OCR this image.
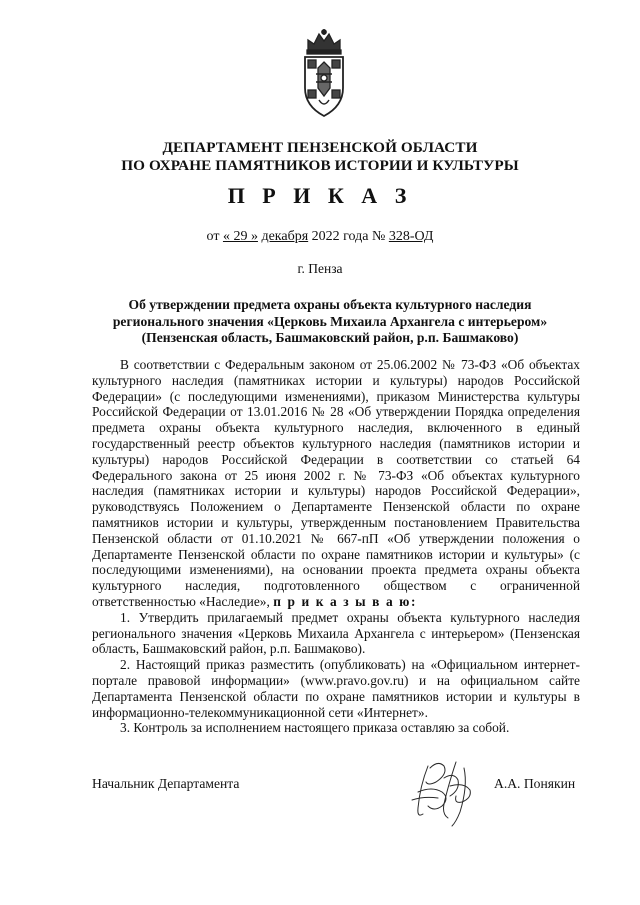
ДЕПАРТАМЕНТ ПЕНЗЕНСКОЙ ОБЛАСТИ
ПО ОХРАНЕ ПАМЯТНИКОВ ИСТОРИИ И КУЛЬТУРЫ
П Р И К А З
от « 29 » декабря 2022 года № 328-ОД
г. Пенза
Об утверждении предмета охраны объекта культурного наследия
регионального значения «Церковь Михаила Архангела с интерьером»
(Пензенская область, Башмаковский район, р.п. Башмаково)

В соответствии с Федеральным законом от 25.06.2002 № 73-ФЗ «Об объектах культурного наследия (памятниках истории и культуры) народов Российской Федерации» (с последующими изменениями), приказом Министерства культуры Российской Федерации от 13.01.2016 № 28 «Об утверждении Порядка определения предмета охраны объекта культурного наследия, включенного в единый государственный реестр объектов культурного наследия (памятников истории и культуры) народов Российской Федерации в соответствии со статьей 64 Федерального закона от 25 июня 2002 г. № 73-ФЗ «Об объектах культурного наследия (памятниках истории и культуры) народов Российской Федерации», руководствуясь Положением о Департаменте Пензенской области по охране памятников истории и культуры, утвержденным постановлением Правительства Пензенской области от 01.10.2021 № 667-пП «Об утверждении положения о Департаменте Пензенской области по охране памятников истории и культуры» (с последующими изменениями), на основании проекта предмета охраны объекта культурного наследия, подготовленного обществом с ограниченной ответственностью «Наследие», п р и к а з ы в а ю:

1. Утвердить прилагаемый предмет охраны объекта культурного наследия регионального значения «Церковь Михаила Архангела с интерьером» (Пензенская область, Башмаковский район, р.п. Башмаково).

2. Настоящий приказ разместить (опубликовать) на «Официальном интернет-портале правовой информации» (www.pravo.gov.ru) и на официальном сайте Департамента Пензенской области по охране памятников истории и культуры в информационно-телекоммуникационной сети «Интернет».

3. Контроль за исполнением настоящего приказа оставляю за собой.

Начальник Департамента	А.А. Понякин
